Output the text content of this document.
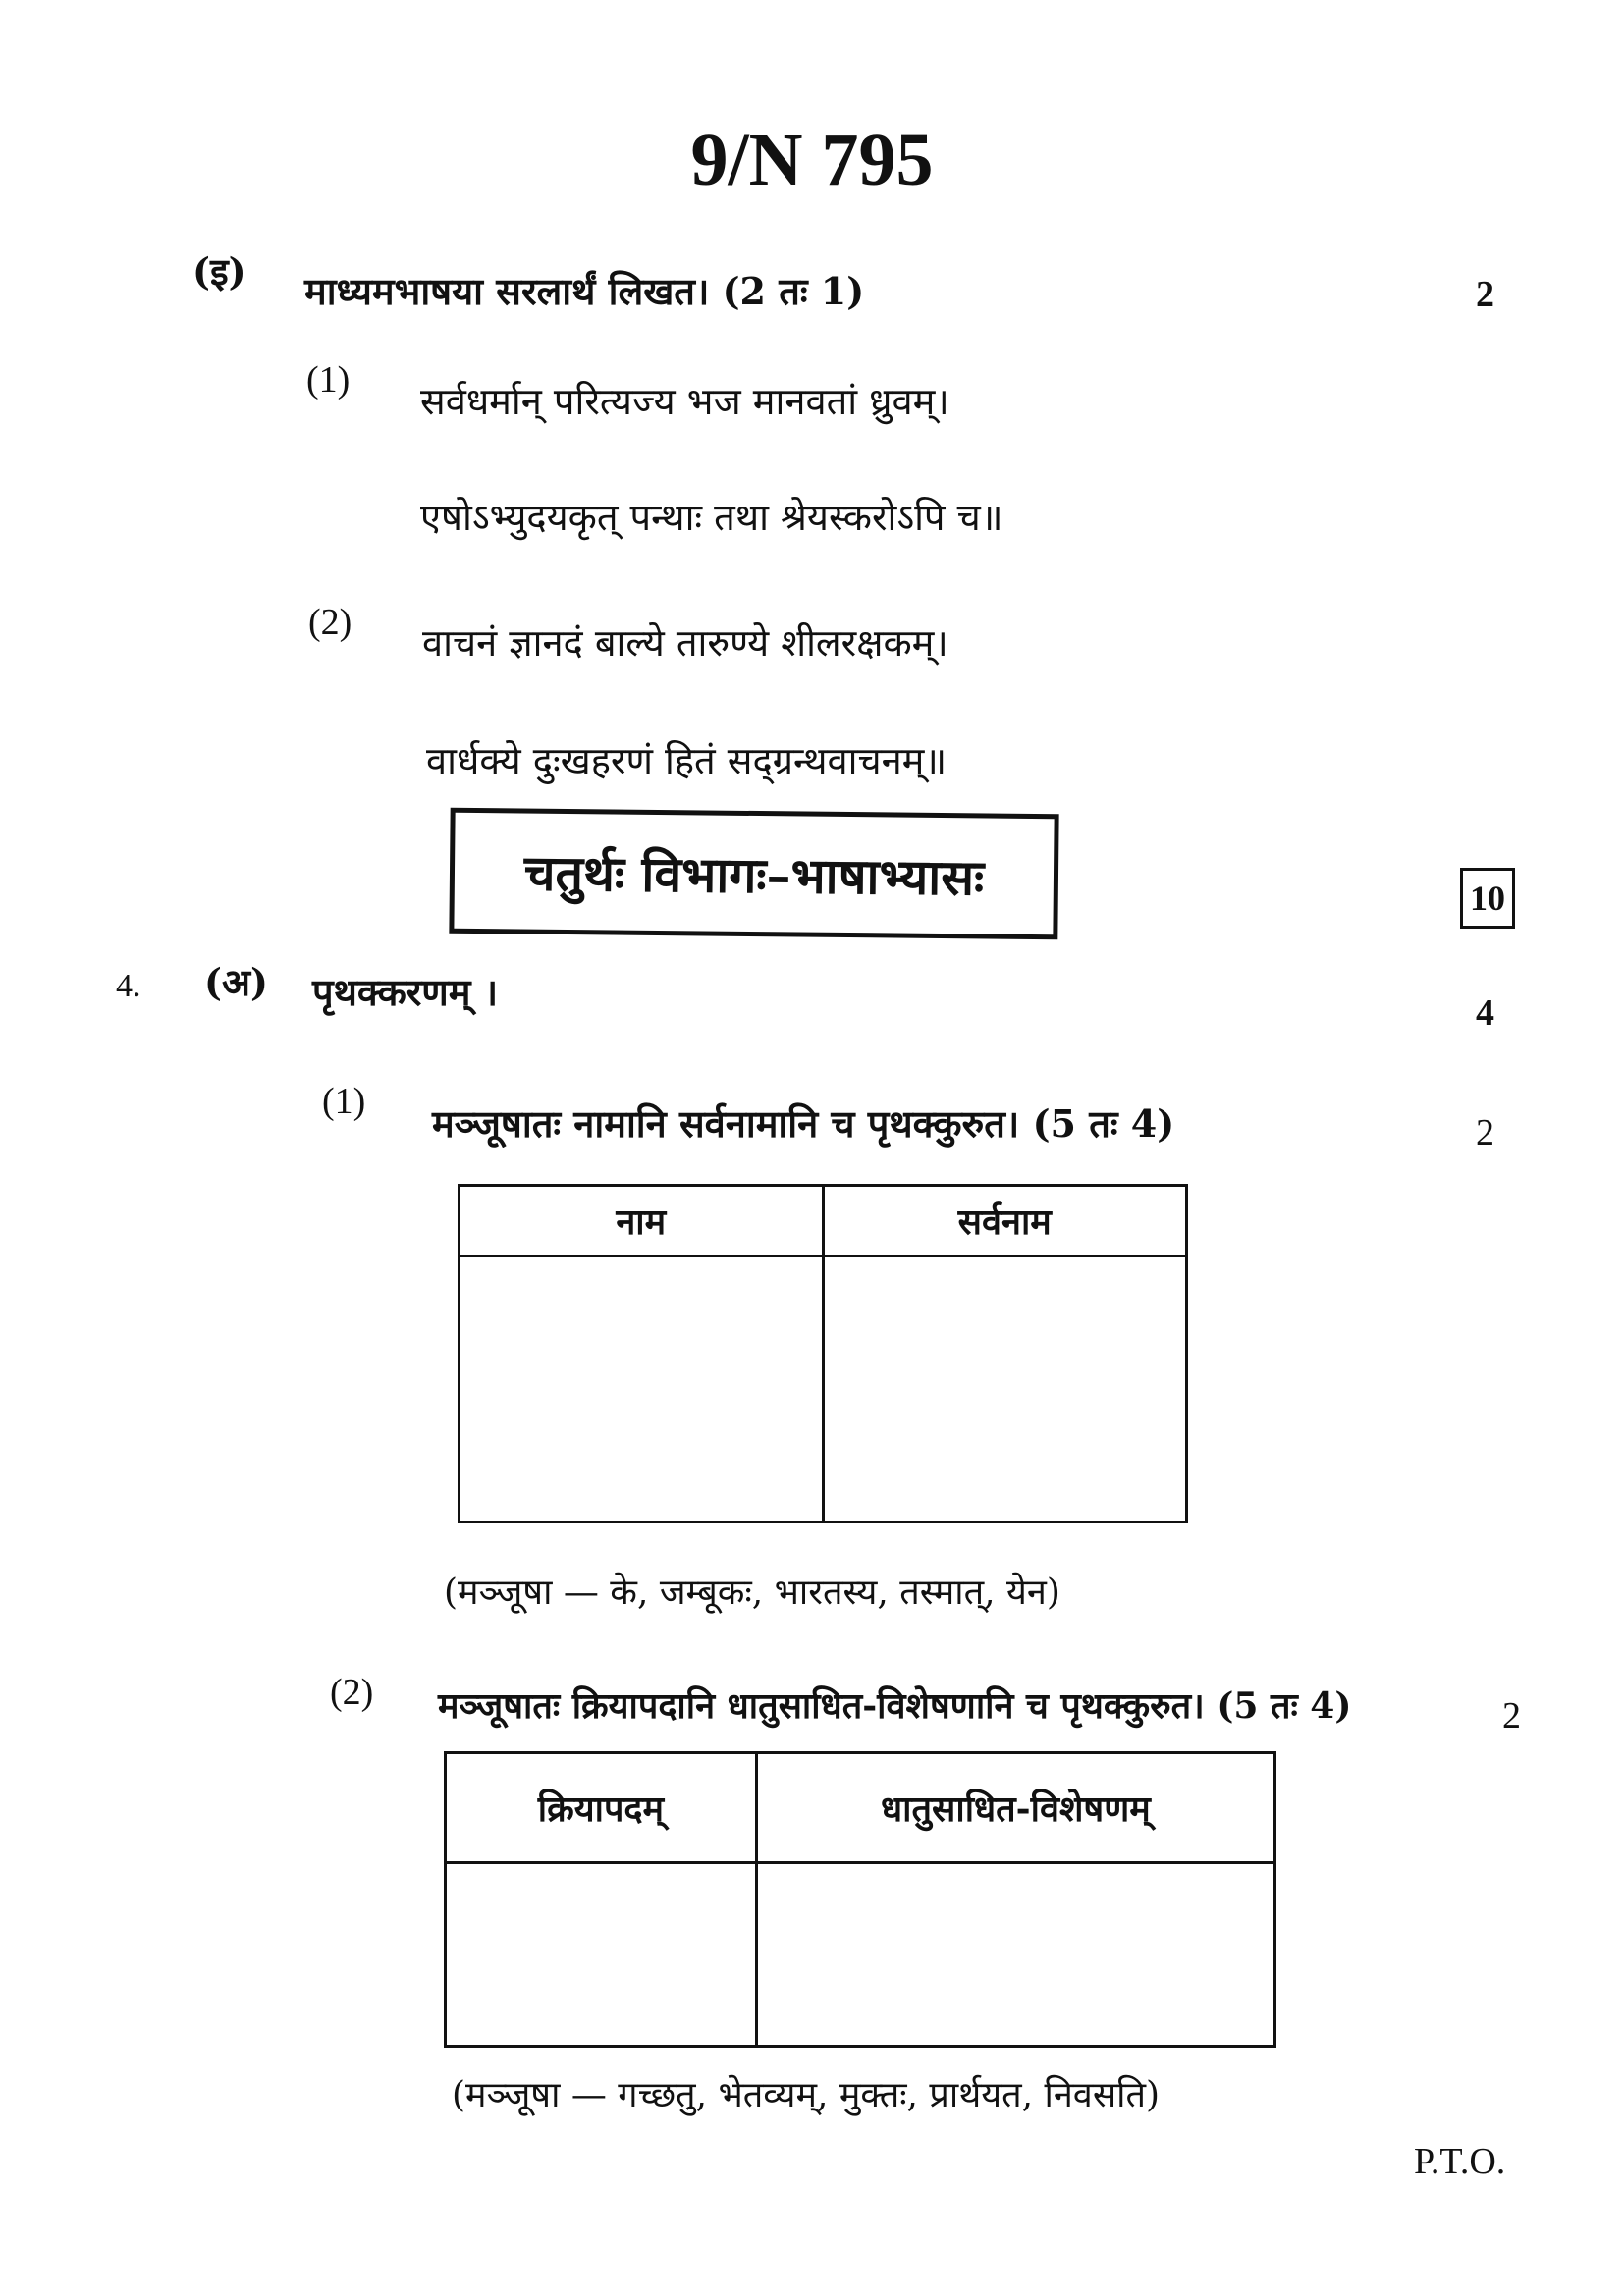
9/N 795
(इ) माध्यमभाषया सरलार्थं लिखत। (2 तः 1)	2
(1) सर्वधर्मान् परित्यज्य भज मानवतां ध्रुवम्।
एषोऽभ्युदयकृत् पन्थाः तथा श्रेयस्करोऽपि च॥
(2) वाचनं ज्ञानदं बाल्ये तारुण्ये शीलरक्षकम्।
वार्धक्ये दुःखहरणं हितं सद्ग्रन्थवाचनम्॥
चतुर्थः विभागः–भाषाभ्यासः	10
4. (अ) पृथक्करणम् ।	4
(1) मञ्जूषातः नामानि सर्वनामानि च पृथक्कुरुत। (5 तः 4)	2
नाम	सर्वनाम

(मञ्जूषा — के, जम्बूकः, भारतस्य, तस्मात्, येन)
(2) मञ्जूषातः क्रियापदानि धातुसाधित-विशेषणानि च पृथक्कुरुत। (5 तः 4)	2
क्रियापदम्	धातुसाधित-विशेषणम्

(मञ्जूषा — गच्छतु, भेतव्यम्, मुक्तः, प्रार्थयत, निवसति)
P.T.O.
